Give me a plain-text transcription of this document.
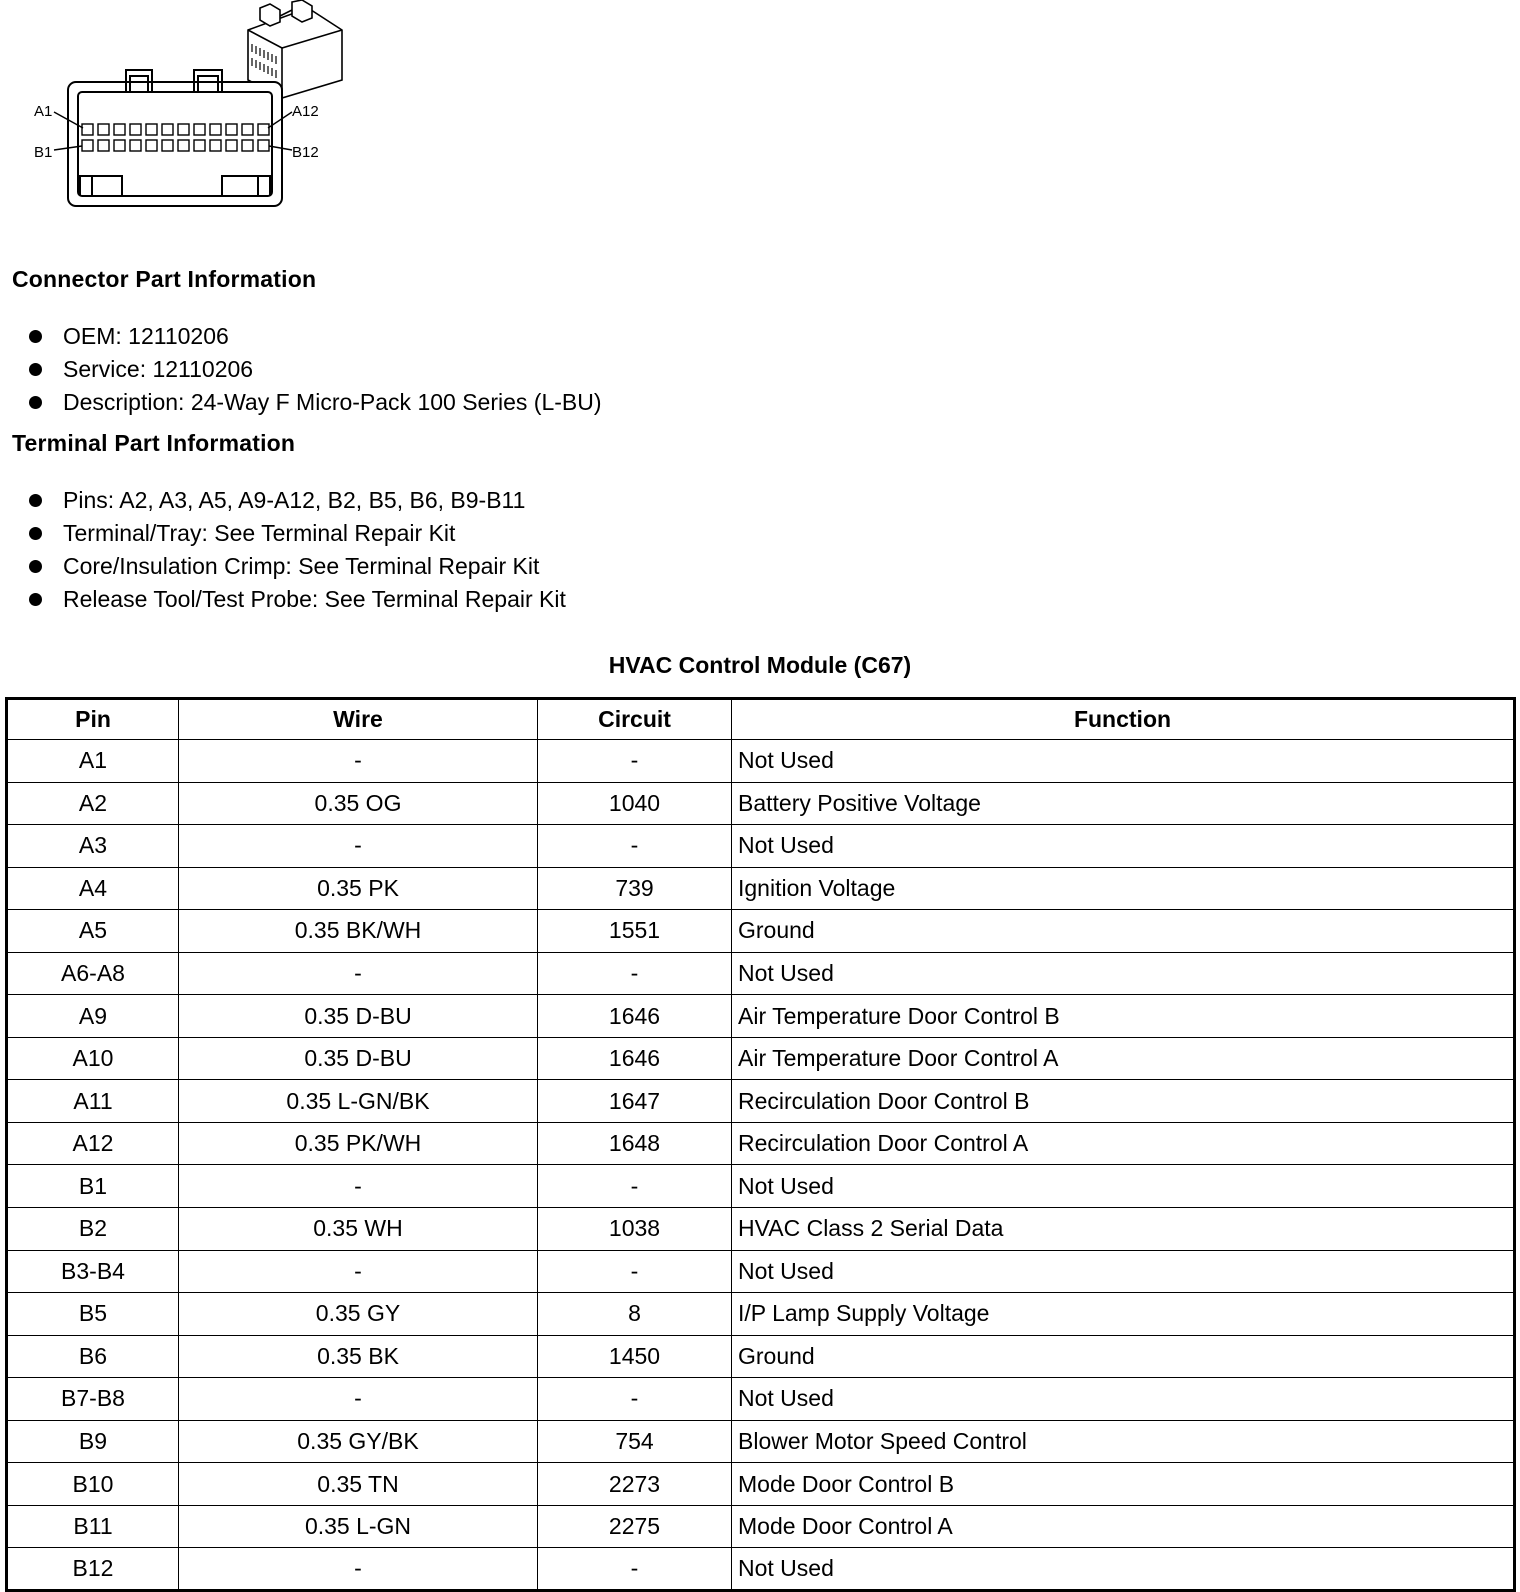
A1	A12
B1	B12
Connector Part Information
OEM: 12110206
Service: 12110206
Description: 24-Way F Micro-Pack 100 Series (L-BU)
Terminal Part Information
Pins: A2, A3, A5, A9-A12, B2, B5, B6, B9-B11
Terminal/Tray: See Terminal Repair Kit
Core/Insulation Crimp: See Terminal Repair Kit
Release Tool/Test Probe: See Terminal Repair Kit
HVAC Control Module (C67)
Pin	Wire	Circuit	Function
A1	-	-	Not Used
A2	0.35 OG	1040	Battery Positive Voltage
A3	-	-	Not Used
A4	0.35 PK	739	Ignition Voltage
A5	0.35 BK/WH	1551	Ground
A6-A8	-	-	Not Used
A9	0.35 D-BU	1646	Air Temperature Door Control B
A10	0.35 D-BU	1646	Air Temperature Door Control A
A11	0.35 L-GN/BK	1647	Recirculation Door Control B
A12	0.35 PK/WH	1648	Recirculation Door Control A
B1	-	-	Not Used
B2	0.35 WH	1038	HVAC Class 2 Serial Data
B3-B4	-	-	Not Used
B5	0.35 GY	8	I/P Lamp Supply Voltage
B6	0.35 BK	1450	Ground
B7-B8	-	-	Not Used
B9	0.35 GY/BK	754	Blower Motor Speed Control
B10	0.35 TN	2273	Mode Door Control B
B11	0.35 L-GN	2275	Mode Door Control A
B12	-	-	Not Used
